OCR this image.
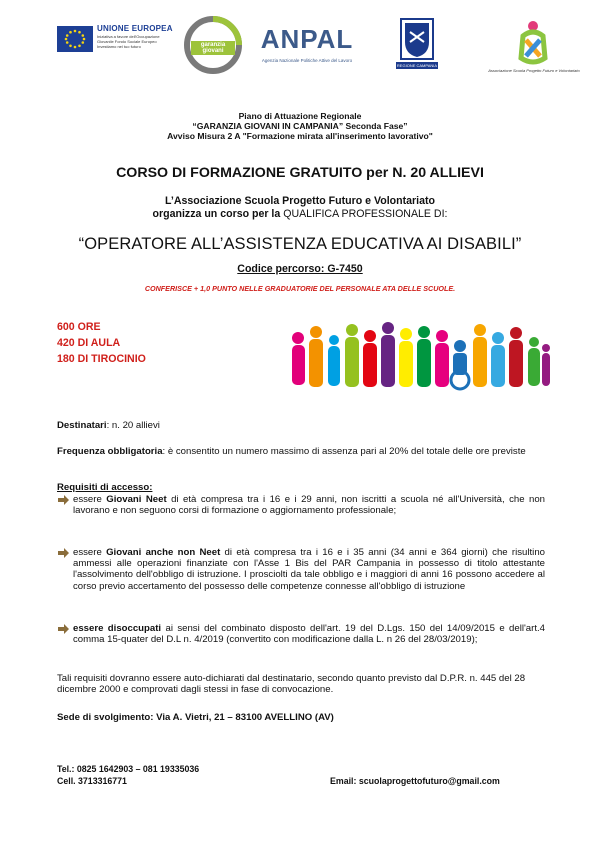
UNIONE EUROPEA
Iniziativa a favore dell'Occupazione Giovanile Fondo Sociale Europeo Investiamo nel tuo futuro	garanzia giovani	ANPAL
Agenzia Nazionale Politiche Attive del Lavoro
REGIONE CAMPANIA
Associazione Scuola Progetto Futuro e Volontariato
Piano di Attuazione Regionale
“GARANZIA GIOVANI IN CAMPANIA” Seconda Fase”
Avviso Misura 2 A "Formazione mirata all'inserimento lavorativo"
CORSO DI FORMAZIONE GRATUITO per N. 20 ALLIEVI
L’Associazione Scuola Progetto Futuro e Volontariato
organizza un corso per la QUALIFICA PROFESSIONALE DI:
“OPERATORE ALL’ASSISTENZA EDUCATIVA AI DISABILI”
Codice percorso: G-7450
CONFERISCE + 1,0 PUNTO NELLE GRADUATORIE DEL PERSONALE ATA DELLE SCUOLE.
600 ORE
420 DI AULA
180 DI TIROCINIO
Destinatari: n. 20 allievi
Frequenza obbligatoria: è consentito un numero massimo di assenza pari al 20% del totale delle ore previste
Requisiti di accesso:
essere Giovani Neet di età compresa tra i 16 e i 29 anni, non iscritti a scuola né all'Università, che non lavorano e non seguono corsi di formazione o aggiornamento professionale;
essere Giovani anche non Neet di età compresa tra i 16 e i 35 anni (34 anni e 364 giorni) che risultino ammessi alle operazioni finanziate con l'Asse 1 Bis del PAR Campania in possesso di titolo attestante l'assolvimento dell'obbligo di istruzione. I prosciolti da tale obbligo e i maggiori di anni 16 possono accedere al corso previo accertamento del possesso delle competenze connesse all'obbligo di istruzione
essere disoccupati ai sensi del combinato disposto dell'art. 19 del D.Lgs. 150 del 14/09/2015 e dell'art.4 comma 15-quater del D.L n. 4/2019 (convertito con modificazione dalla L. n 26 del 28/03/2019);
Tali requisiti dovranno essere auto-dichiarati dal destinatario, secondo quanto previsto dal D.P.R. n. 445 del 28 dicembre 2000 e comprovati dagli stessi in fase di convocazione.
Sede di svolgimento: Via A. Vietri, 21 – 83100 AVELLINO (AV)
Tel.: 0825 1642903 – 081 19335036
Cell. 3713316771	Email: scuolaprogettofuturo@gmail.com
